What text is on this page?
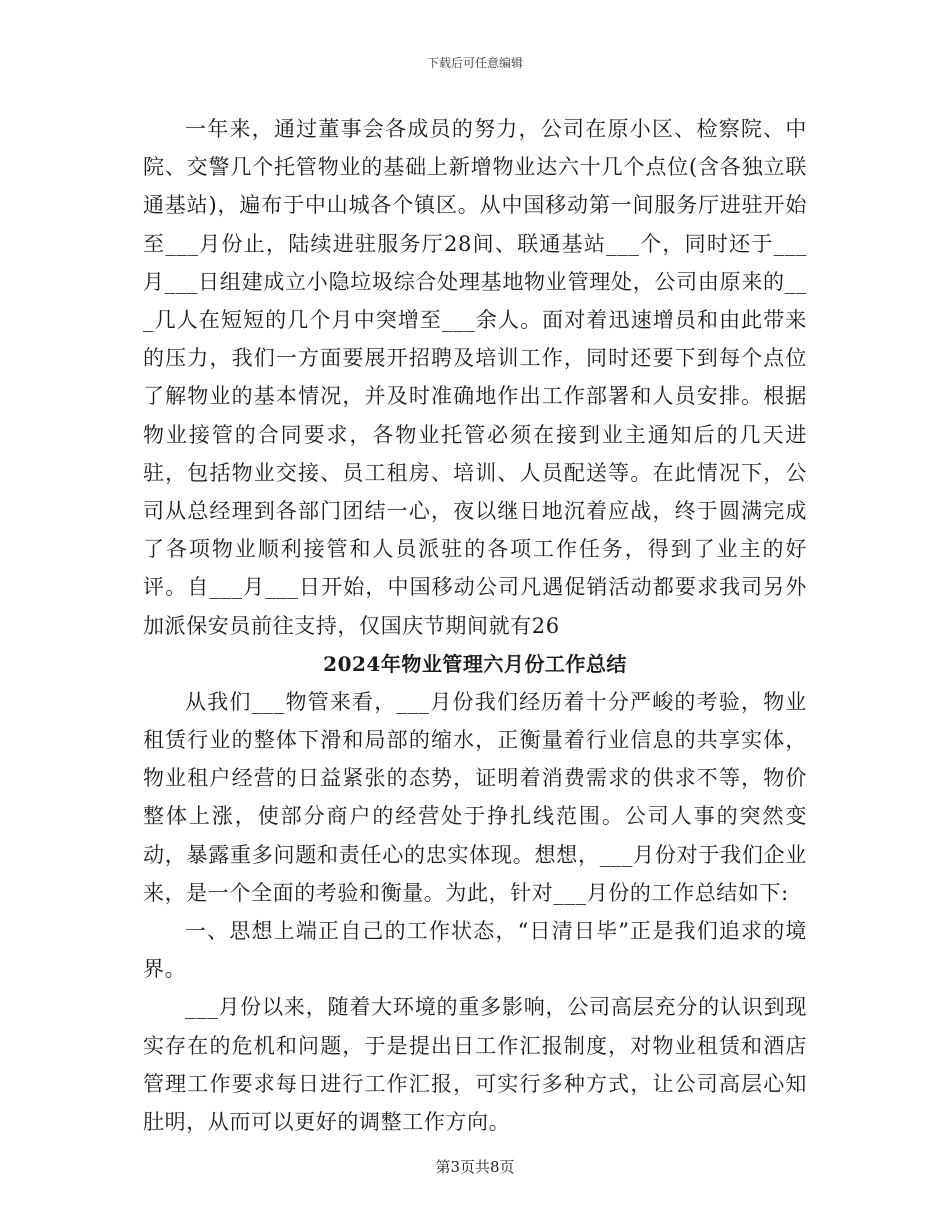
下载后可任意编辑

一年来，通过董事会各成员的努力，公司在原小区、检察院、中院、交警几个托管物业的基础上新增物业达六十几个点位(含各独立联通基站)，遍布于中山城各个镇区。从中国移动第一间服务厅进驻开始至___月份止，陆续进驻服务厅28间、联通基站___个，同时还于___月___日组建成立小隐垃圾综合处理基地物业管理处，公司由原来的___几人在短短的几个月中突增至___余人。面对着迅速增员和由此带来的压力，我们一方面要展开招聘及培训工作，同时还要下到每个点位了解物业的基本情况，并及时准确地作出工作部署和人员安排。根据物业接管的合同要求，各物业托管必须在接到业主通知后的几天进驻，包括物业交接、员工租房、培训、人员配送等。在此情况下，公司从总经理到各部门团结一心，夜以继日地沉着应战，终于圆满完成了各项物业顺利接管和人员派驻的各项工作任务，得到了业主的好评。自___月___日开始，中国移动公司凡遇促销活动都要求我司另外加派保安员前往支持，仅国庆节期间就有26

2024年物业管理六月份工作总结

从我们___物管来看，___月份我们经历着十分严峻的考验，物业租赁行业的整体下滑和局部的缩水，正衡量着行业信息的共享实体，物业租户经营的日益紧张的态势，证明着消费需求的供求不等，物价整体上涨，使部分商户的经营处于挣扎线范围。公司人事的突然变动，暴露重多问题和责任心的忠实体现。想想，___月份对于我们企业来，是一个全面的考验和衡量。为此，针对___月份的工作总结如下:

一、思想上端正自己的工作状态，“日清日毕”正是我们追求的境界。

___月份以来，随着大环境的重多影响，公司高层充分的认识到现实存在的危机和问题，于是提出日工作汇报制度，对物业租赁和酒店管理工作要求每日进行工作汇报，可实行多种方式，让公司高层心知肚明，从而可以更好的调整工作方向。

第3页共8页
